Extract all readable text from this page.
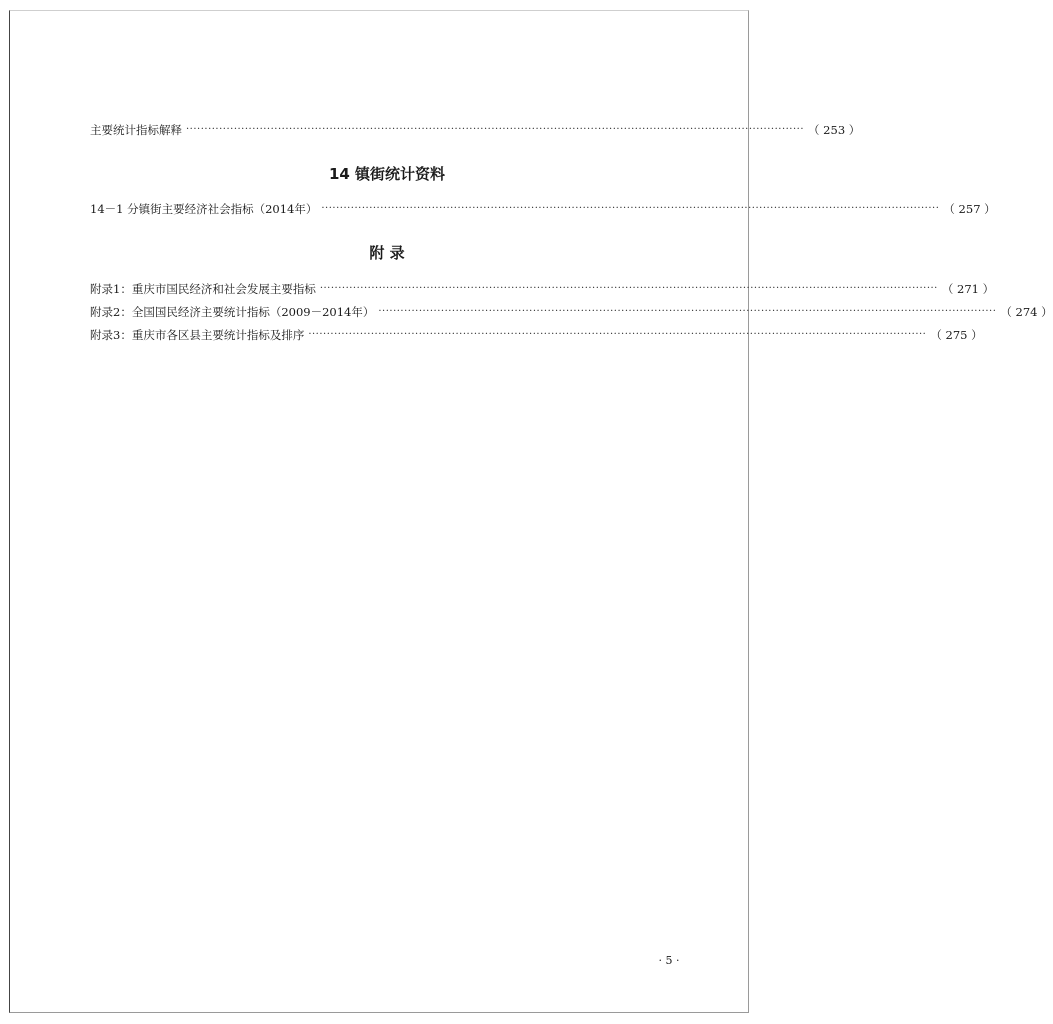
主要统计指标解释 ········································································································································································ （ 253 ）
14 镇街统计资料
14－1 分镇街主要经济社会指标（2014年） ········································································································································································ （ 257 ）
附 录
附录1：重庆市国民经济和社会发展主要指标 ········································································································································································ （ 271 ）
附录2：全国国民经济主要统计指标（2009－2014年） ········································································································································································ （ 274 ）
附录3：重庆市各区县主要统计指标及排序 ········································································································································································ （ 275 ）
· 5 ·
